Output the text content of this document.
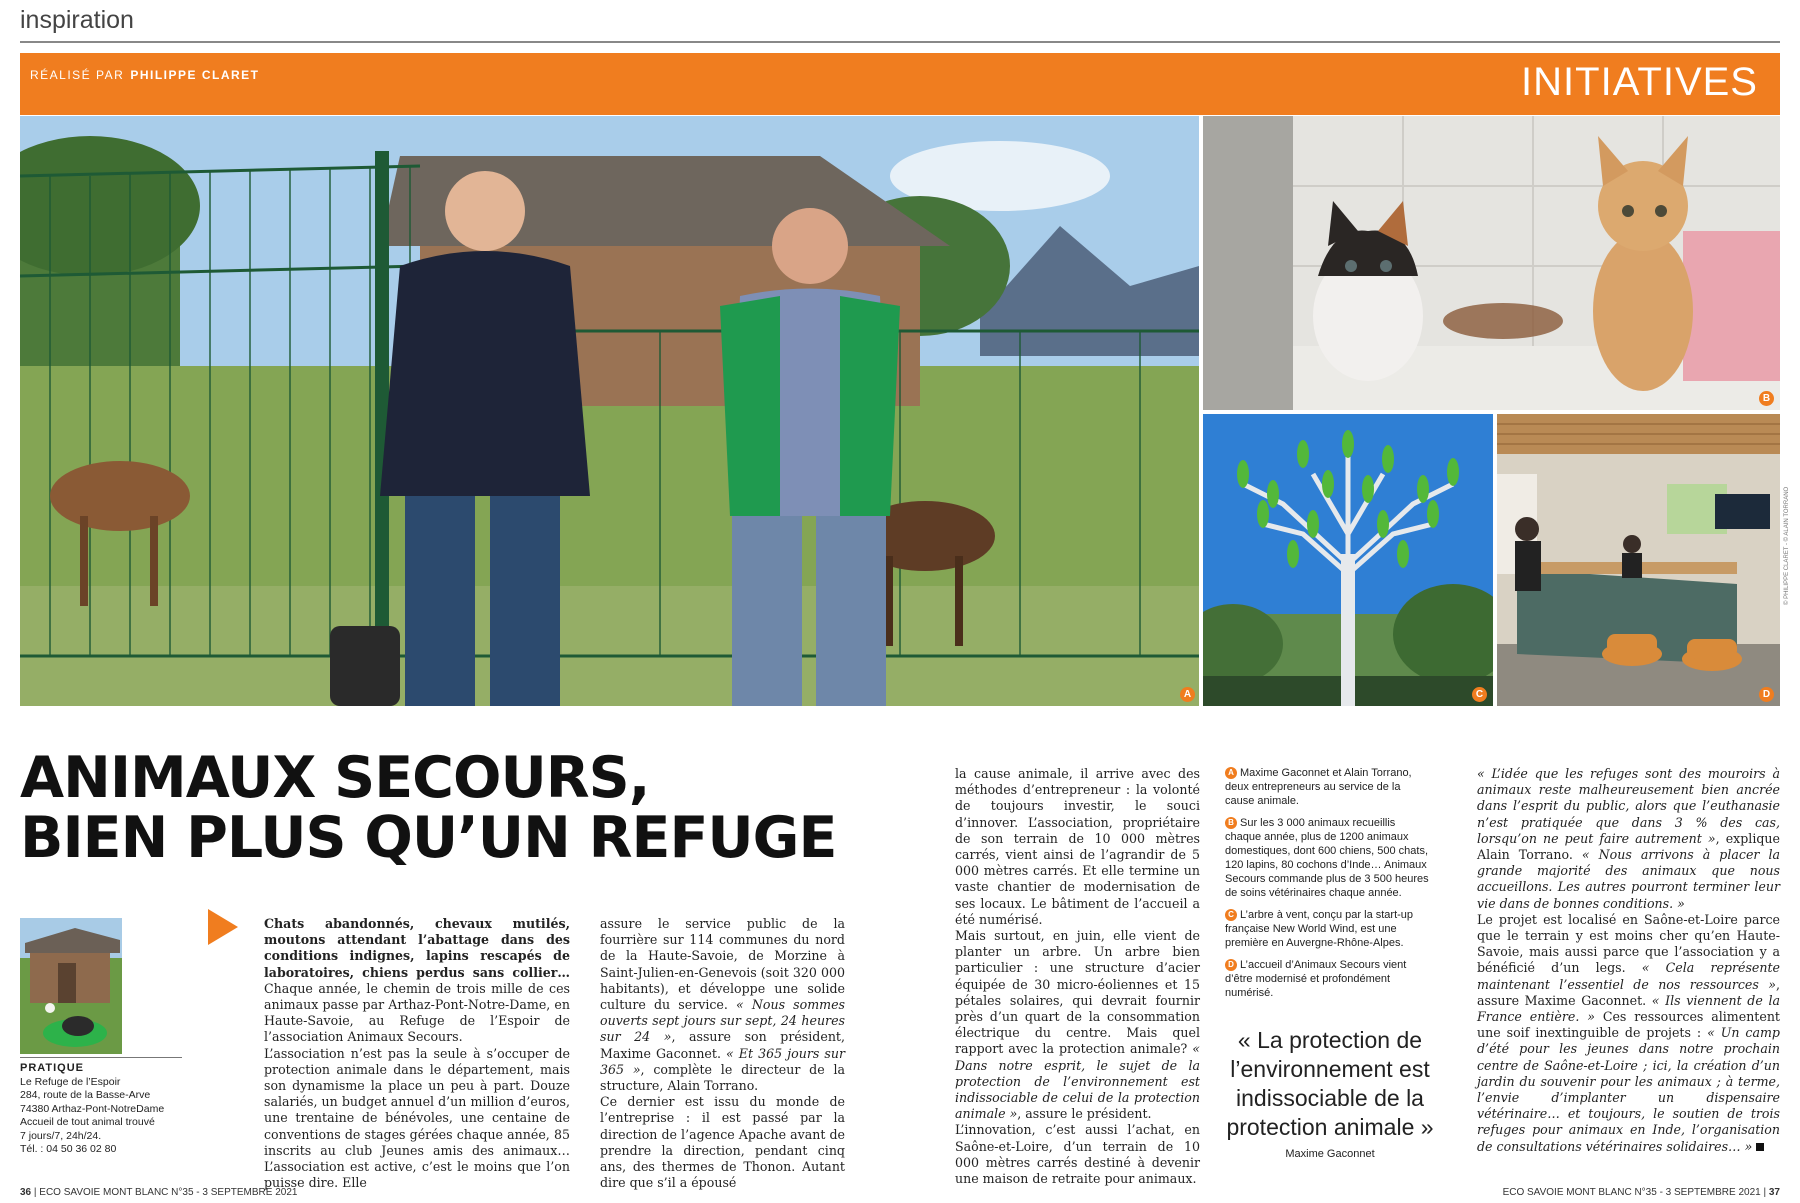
inspiration
RÉALISÉ PAR PHILIPPE CLARET	INITIATIVES
A
B
C	D
© PHILIPPE CLARET - © ALAIN TORRANO
ANIMAUX SECOURS,
BIEN PLUS QU’UN REFUGE
PRATIQUE
Le Refuge de l’Espoir
284, route de la Basse-Arve
74380 Arthaz-Pont-NotreDame
Accueil de tout animal trouvé
7 jours/7, 24h/24.
Tél. : 04 50 36 02 80

Chats abandonnés, chevaux mutilés, moutons attendant l’abattage dans des conditions indignes, lapins rescapés de laboratoires, chiens perdus sans collier… Chaque année, le chemin de trois mille de ces animaux passe par Arthaz-Pont-Notre-Dame, en Haute-Savoie, au Refuge de l’Espoir de l’association Animaux Secours.

L’association n’est pas la seule à s’occuper de protection animale dans le département, mais son dynamisme la place un peu à part. Douze salariés, un budget annuel d’un million d’euros, une trentaine de bénévoles, une centaine de conventions de stages gérées chaque année, 85 inscrits au club Jeunes amis des animaux… L’association est active, c’est le moins que l’on puisse dire. Elle

assure le service public de la fourrière sur 114 communes du nord de la Haute-Savoie, de Morzine à Saint-Julien-en-Genevois (soit 320 000 habitants), et développe une solide culture du service. « Nous sommes ouverts sept jours sur sept, 24 heures sur 24 », assure son président, Maxime Gaconnet. « Et 365 jours sur 365 », complète le directeur de la structure, Alain Torrano.

Ce dernier est issu du monde de l’entreprise : il est passé par la direction de l’agence Apache avant de prendre la direction, pendant cinq ans, des thermes de Thonon. Autant dire que s’il a épousé

la cause animale, il arrive avec des méthodes d’entrepreneur : la volonté de toujours investir, le souci d’innover. L’association, propriétaire de son terrain de 10 000 mètres carrés, vient ainsi de l’agrandir de 5 000 mètres carrés. Et elle termine un vaste chantier de modernisation de ses locaux. Le bâtiment de l’accueil a été numérisé.

Mais surtout, en juin, elle vient de planter un arbre. Un arbre bien particulier : une structure d’acier équipée de 30 micro-éoliennes et 15 pétales solaires, qui devrait fournir près d’un quart de la consommation électrique du centre. Mais quel rapport avec la protection animale? « Dans notre esprit, le sujet de la protection de l’environnement est indissociable de celui de la protection animale », assure le président.

L’innovation, c’est aussi l’achat, en Saône-et-Loire, d’un terrain de 10 000 mètres carrés destiné à devenir une maison de retraite pour animaux.

A Maxime Gaconnet et Alain Torrano, deux entrepreneurs au service de la cause animale.
B Sur les 3 000 animaux recueillis chaque année, plus de 1200 animaux domestiques, dont 600 chiens, 500 chats, 120 lapins, 80 cochons d’Inde… Animaux Secours commande plus de 3 500 heures de soins vétérinaires chaque année.
C L’arbre à vent, conçu par la start-up française New World Wind, est une première en Auvergne-Rhône-Alpes.
D L’accueil d’Animaux Secours vient d’être modernisé et profondément numérisé.
« La protection de l’environnement est indissociable de la protection animale »
Maxime Gaconnet

« L’idée que les refuges sont des mouroirs à animaux reste malheureusement bien ancrée dans l’esprit du public, alors que l’euthanasie n’est pratiquée que dans 3 % des cas, lorsqu’on ne peut faire autrement », explique Alain Torrano. « Nous arrivons à placer la grande majorité des animaux que nous accueillons. Les autres pourront terminer leur vie dans de bonnes conditions. »

Le projet est localisé en Saône-et-Loire parce que le terrain y est moins cher qu’en Haute-Savoie, mais aussi parce que l’association y a bénéficié d’un legs. « Cela représente maintenant l’essentiel de nos ressources », assure Maxime Gaconnet. « Ils viennent de la France entière. » Ces ressources alimentent une soif inextinguible de projets : « Un camp d’été pour les jeunes dans notre prochain centre de Saône-et-Loire ; ici, la création d’un jardin du souvenir pour les animaux ; à terme, l’envie d’implanter un dispensaire vétérinaire… et toujours, le soutien de trois refuges pour animaux en Inde, l’organisation de consultations vétérinaires solidaires… »

36 | ECO SAVOIE MONT BLANC N°35 - 3 SEPTEMBRE 2021	ECO SAVOIE MONT BLANC N°35 - 3 SEPTEMBRE 2021 | 37
